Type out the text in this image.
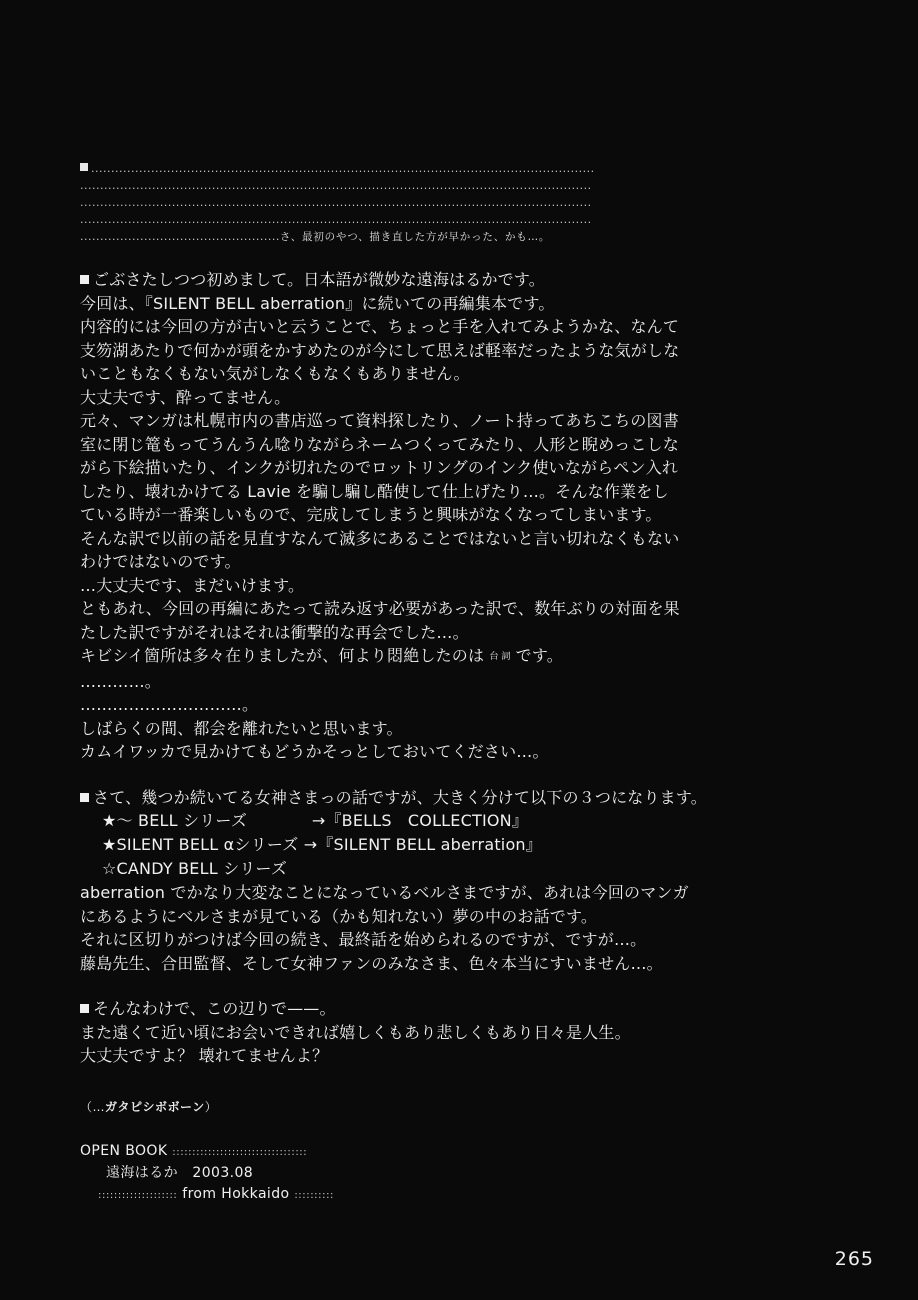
..............................................................................................................................
................................................................................................................................
................................................................................................................................
................................................................................................................................
..................................................さ、最初のやつ、描き直した方が早かった、かも…。

ごぶさたしつつ初めまして。日本語が微妙な遠海はるかです。

今回は、『SILENT BELL aberration』に続いての再編集本です。

内容的には今回の方が古いと云うことで、ちょっと手を入れてみようかな、なんて

支笏湖あたりで何かが頭をかすめたのが今にして思えば軽率だったような気がしな

いこともなくもない気がしなくもなくもありません。

大丈夫です、酔ってません。

元々、マンガは札幌市内の書店巡って資料探したり、ノート持ってあちこちの図書

室に閉じ篭もってうんうん唸りながらネームつくってみたり、人形と睨めっこしな

がら下絵描いたり、インクが切れたのでロットリングのインク使いながらペン入れ

したり、壊れかけてる Lavie を騙し騙し酷使して仕上げたり…。そんな作業をし

ている時が一番楽しいもので、完成してしまうと興味がなくなってしまいます。

そんな訳で以前の話を見直すなんて滅多にあることではないと言い切れなくもない

わけではないのです。

…大丈夫です、まだいけます。

ともあれ、今回の再編にあたって読み返す必要があった訳で、数年ぶりの対面を果

たした訳ですがそれはそれは衝撃的な再会でした…。

キビシイ箇所は多々在りましたが、何より悶絶したのは 台 詞 です。

…………。

…………………………。

しばらくの間、都会を離れたいと思います。

カムイワッカで見かけてもどうかそっとしておいてください…。

さて、幾つか続いてる女神さまっの話ですが、大きく分けて以下の３つになります。

★〜 BELL シリーズ　　　　→『BELLS　COLLECTION』
★SILENT BELL αシリーズ →『SILENT BELL aberration』
☆CANDY BELL シリーズ

aberration でかなり大変なことになっているベルさまですが、あれは今回のマンガ

にあるようにベルさまが見ている（かも知れない）夢の中のお話です。

それに区切りがつけば今回の続き、最終話を始められるのですが、ですが…。

藤島先生、合田監督、そして女神ファンのみなさま、色々本当にすいません…。

そんなわけで、この辺りで——。

また遠くて近い頃にお会いできれば嬉しくもあり悲しくもあり日々是人生。

大丈夫ですよ？ 壊れてませんよ？

（…ガタピシボボーン）
OPEN BOOK ::::::::::::::::::::::::::::::::::
遠海はるか　2003.08
:::::::::::::::::::: from Hokkaido ::::::::::
265
